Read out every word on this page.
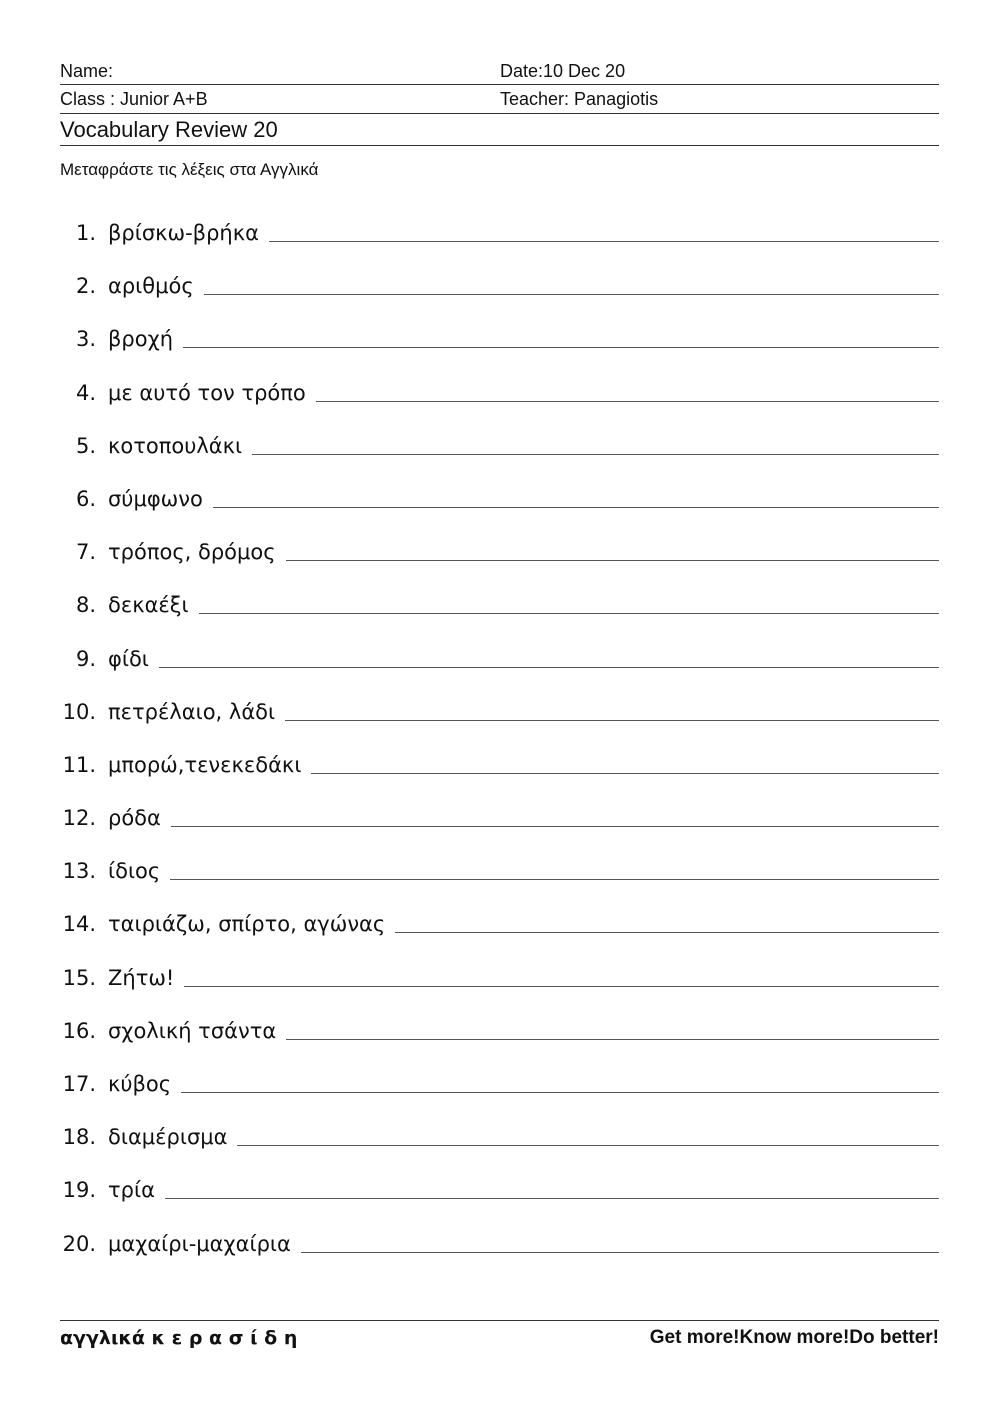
Name:	Date:10 Dec 20
Class : Junior A+B	Teacher: Panagiotis
Vocabulary Review 20
Μεταφράστε τις λέξεις στα Αγγλικά
1. βρίσκω-βρήκα
2. αριθμός
3. βροχή
4. με αυτό τον τρόπο
5. κοτοπουλάκι
6. σύμφωνο
7. τρόπος, δρόμος
8. δεκαέξι
9. φίδι
10. πετρέλαιο, λάδι
11. μπορώ,τενεκεδάκι
12. ρόδα
13. ίδιος
14. ταιριάζω, σπίρτο, αγώνας
15. Ζήτω!
16. σχολική τσάντα
17. κύβος
18. διαμέρισμα
19. τρία
20. μαχαίρι-μαχαίρια
αγγλικά κ ε ρ α σ ί δ η	Get more!Know more!Do better!
